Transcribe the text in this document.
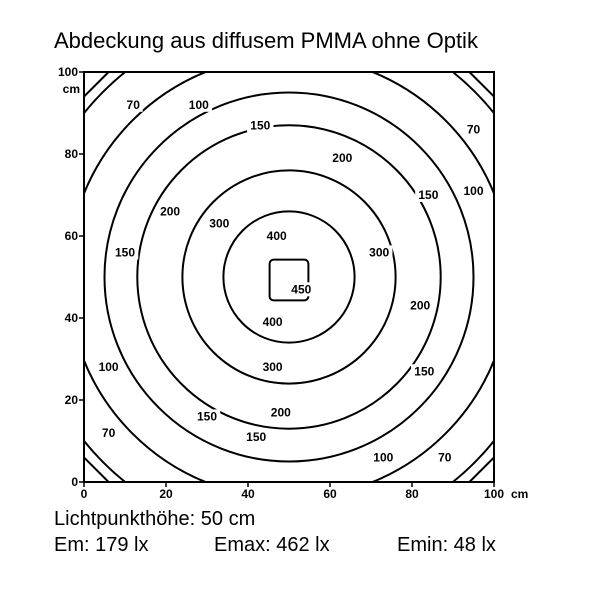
Abdeckung aus diffusem PMMA ohne Optik
0	20	40	60	80	100 cm
0
20
40
60
80
100
cm
70	100
150
200
70
100
150
200
300
400
300
150
450
200
400
300
100	150
150	200
150
70
100	70
Lichtpunkthöhe: 50 cm
Em: 179 lx	Emax: 462 lx	Emin: 48 lx
